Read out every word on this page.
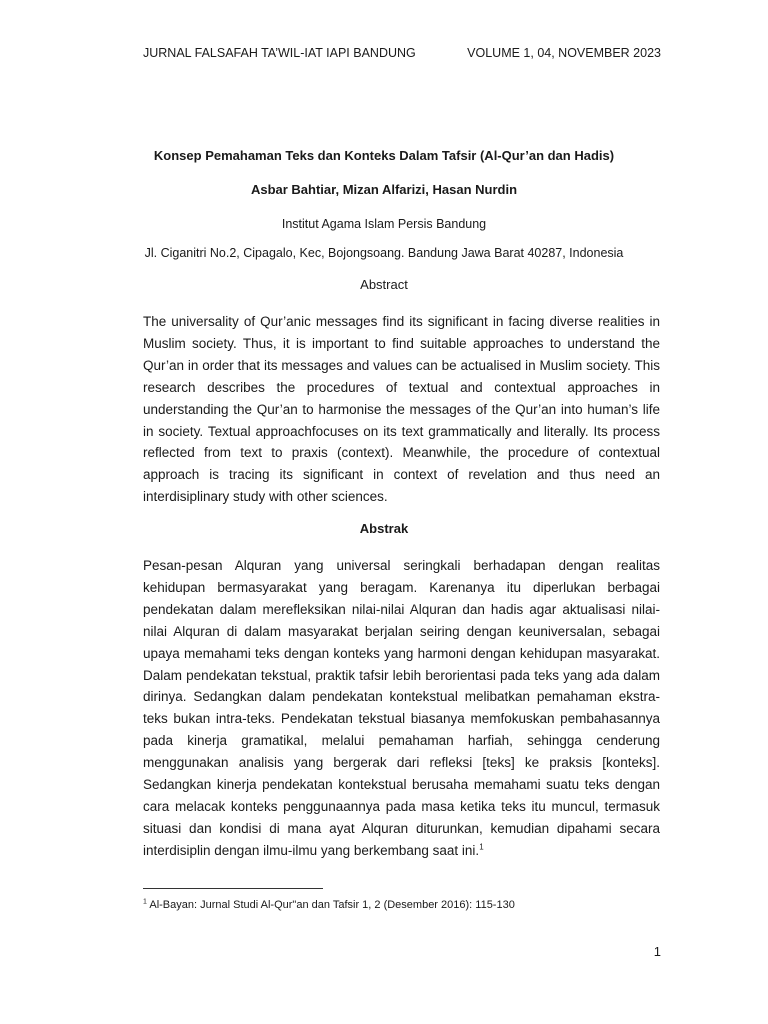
JURNAL FALSAFAH TA’WIL-IAT IAPI BANDUNG	VOLUME 1, 04, NOVEMBER 2023
Konsep Pemahaman Teks dan Konteks Dalam Tafsir (Al-Qur’an dan Hadis)
Asbar Bahtiar, Mizan Alfarizi, Hasan Nurdin
Institut Agama Islam Persis Bandung
Jl. Ciganitri No.2, Cipagalo, Kec, Bojongsoang. Bandung Jawa Barat 40287, Indonesia
Abstract

The universality of Qur’anic messages find its significant in facing diverse realities in Muslim society. Thus, it is important to find suitable approaches to understand the Qur’an in order that its messages and values can be actualised in Muslim society. This research describes the procedures of textual and contextual approaches in understanding the Qur’an to harmonise the messages of the Qur’an into human’s life in society. Textual approachfocuses on its text grammatically and literally. Its process reflected from text to praxis (context). Meanwhile, the procedure of contextual approach is tracing its significant in context of revelation and thus need an interdisiplinary study with other sciences.

Abstrak

Pesan-pesan Alquran yang universal seringkali berhadapan dengan realitas kehidupan bermasyarakat yang beragam. Karenanya itu diperlukan berbagai pendekatan dalam merefleksikan nilai-nilai Alquran dan hadis agar aktualisasi nilai-nilai Alquran di dalam masyarakat berjalan seiring dengan keuniversalan, sebagai upaya memahami teks dengan konteks yang harmoni dengan kehidupan masyarakat. Dalam pendekatan tekstual, praktik tafsir lebih berorientasi pada teks yang ada dalam dirinya. Sedangkan dalam pendekatan kontekstual melibatkan pemahaman ekstra-teks bukan intra-teks. Pendekatan tekstual biasanya memfokuskan pembahasannya pada kinerja gramatikal, melalui pemahaman harfiah, sehingga cenderung menggunakan analisis yang bergerak dari refleksi [teks] ke praksis [konteks]. Sedangkan kinerja pendekatan kontekstual berusaha memahami suatu teks dengan cara melacak konteks penggunaannya pada masa ketika teks itu muncul, termasuk situasi dan kondisi di mana ayat Alquran diturunkan, kemudian dipahami secara interdisiplin dengan ilmu-ilmu yang berkembang saat ini.$^1$

$^1$ Al-Bayan: Jurnal Studi Al-Qur"an dan Tafsir 1, 2 (Desember 2016): 115-130
1
